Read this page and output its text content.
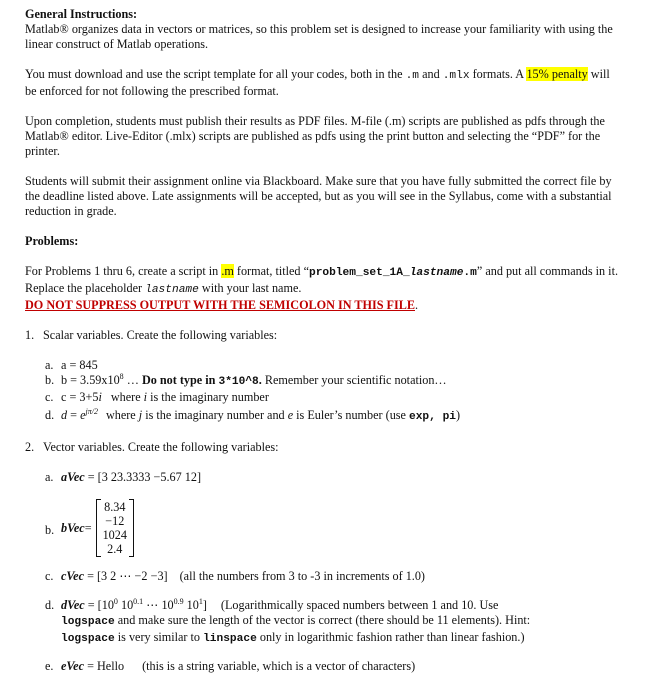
General Instructions:

Matlab® organizes data in vectors or matrices, so this problem set is designed to increase your familiarity with using the linear construct of Matlab operations.

You must download and use the script template for all your codes, both in the .m and .mlx formats. A 15% penalty will be enforced for not following the prescribed format.

Upon completion, students must publish their results as PDF files. M-file (.m) scripts are published as pdfs through the Matlab® editor. Live-Editor (.mlx) scripts are published as pdfs using the print button and selecting the “PDF” for the printer.

Students will submit their assignment online via Blackboard. Make sure that you have fully submitted the correct file by the deadline listed above. Late assignments will be accepted, but as you will see in the Syllabus, come with a substantial reduction in grade.

Problems:

For Problems 1 thru 6, create a script in .m format, titled “problem_set_1A_lastname.m” and put all commands in it. Replace the placeholder lastname with your last name.
DO NOT SUPPRESS OUTPUT WITH THE SEMICOLON IN THIS FILE.
1. Scalar variables. Create the following variables:
a. a = 845
b. $b = 3.59x10^8$ … Do not type in 3*10^8. Remember your scientific notation…
c. c = 3+5i where i is the imaginary number
d. $d = e^{j\pi/2}$ where j is the imaginary number and e is Euler’s number (use exp, pi)
2. Vector variables. Create the following variables:
a. aVec = [3 23.3333 −5.67 12]
b. bVec =
8.34
−12
1024
2.4
c. cVec = [3 2 ⋯ −2 −3] (all the numbers from 3 to -3 in increments of 1.0)
d. dVec = [$10^0$ $10^{0.1}$ ⋯ $10^{0.9}$ $10^1$] (Logarithmically spaced numbers between 1 and 10. Use
logspace and make sure the length of the vector is correct (there should be 11 elements). Hint:
logspace is very similar to linspace only in logarithmic fashion rather than linear fashion.)
e. eVec = Hello (this is a string variable, which is a vector of characters)
